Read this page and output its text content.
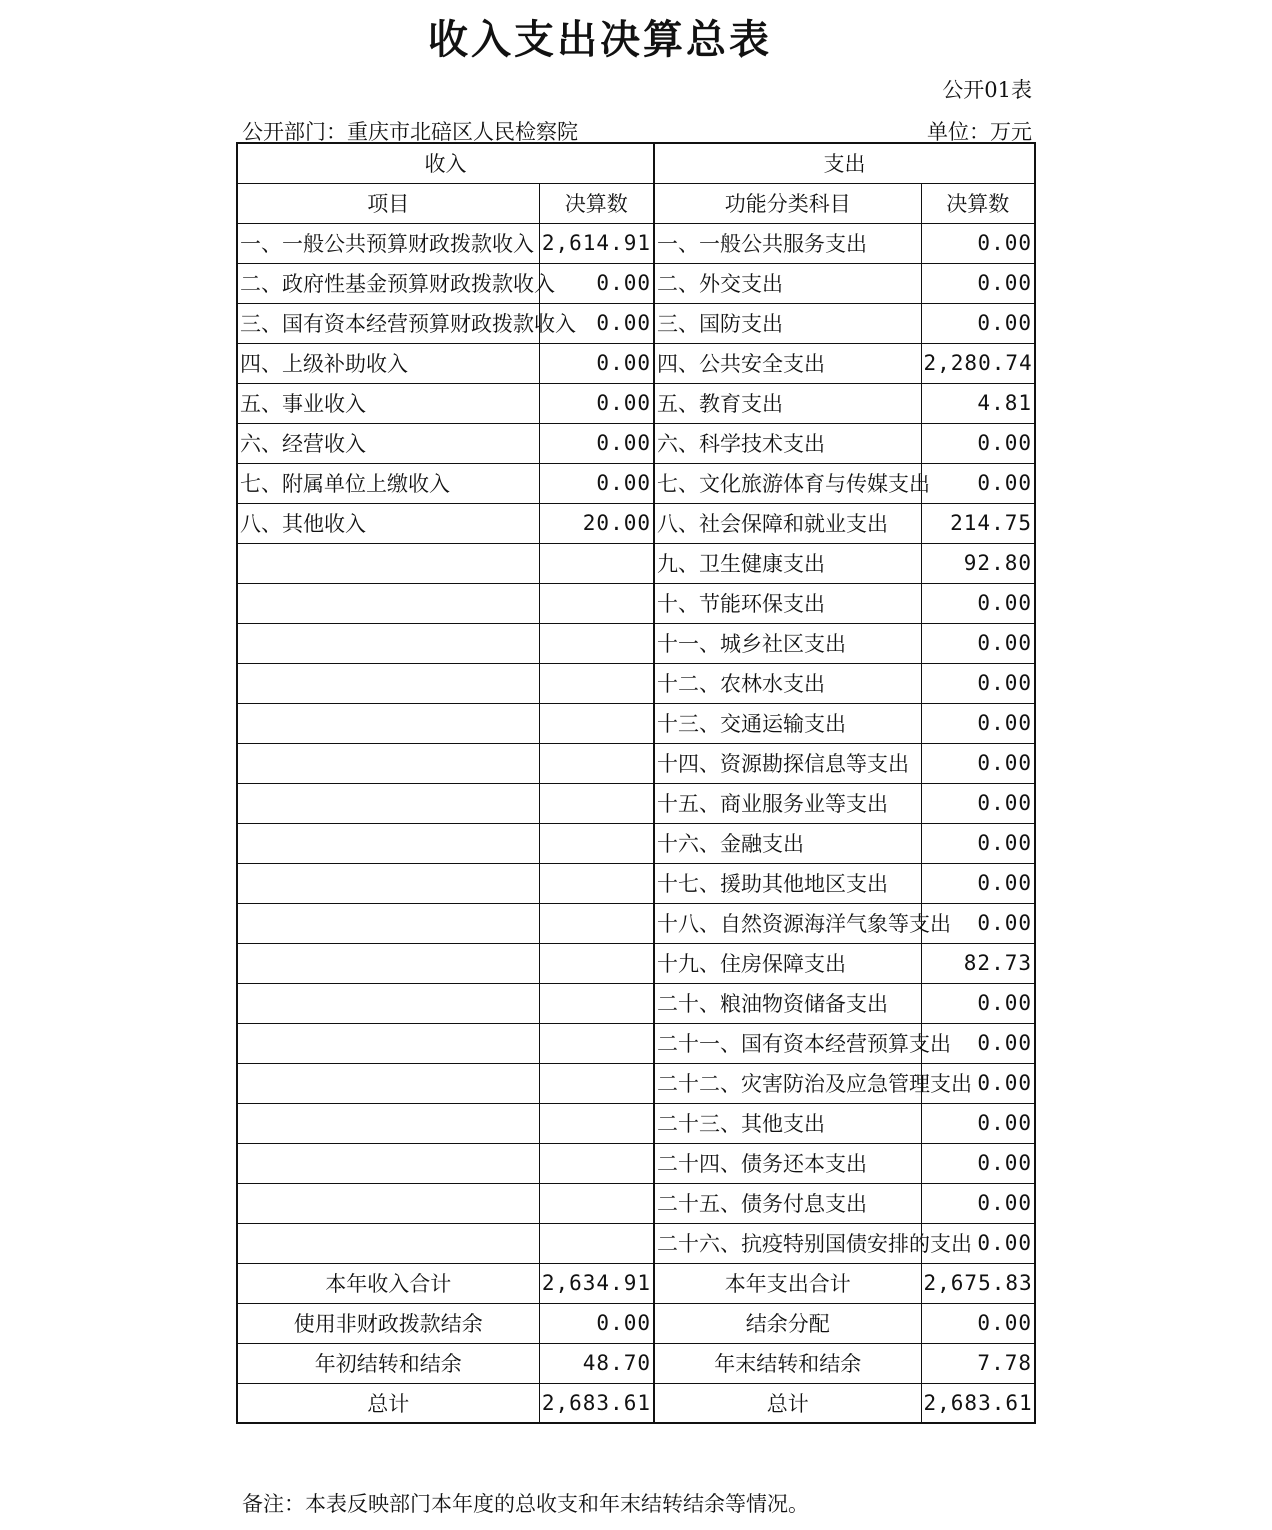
收入支出决算总表
公开01表
公开部门：重庆市北碚区人民检察院	单位：万元
收入		支出	
项目	决算数	功能分类科目	决算数
一、一般公共预算财政拨款收入	2,614.91	一、一般公共服务支出	0.00
二、政府性基金预算财政拨款收入	0.00	二、外交支出	0.00
三、国有资本经营预算财政拨款收入	0.00	三、国防支出	0.00
四、上级补助收入	0.00	四、公共安全支出	2,280.74
五、事业收入	0.00	五、教育支出	4.81
六、经营收入	0.00	六、科学技术支出	0.00
七、附属单位上缴收入	0.00	七、文化旅游体育与传媒支出	0.00
八、其他收入	20.00	八、社会保障和就业支出	214.75
		九、卫生健康支出	92.80
		十、节能环保支出	0.00
		十一、城乡社区支出	0.00
		十二、农林水支出	0.00
		十三、交通运输支出	0.00
		十四、资源勘探信息等支出	0.00
		十五、商业服务业等支出	0.00
		十六、金融支出	0.00
		十七、援助其他地区支出	0.00
		十八、自然资源海洋气象等支出	0.00
		十九、住房保障支出	82.73
		二十、粮油物资储备支出	0.00
		二十一、国有资本经营预算支出	0.00
		二十二、灾害防治及应急管理支出	0.00
		二十三、其他支出	0.00
		二十四、债务还本支出	0.00
		二十五、债务付息支出	0.00
		二十六、抗疫特别国债安排的支出	0.00
本年收入合计	2,634.91	本年支出合计	2,675.83
使用非财政拨款结余	0.00	结余分配	0.00
年初结转和结余	48.70	年末结转和结余	7.78
总计	2,683.61	总计	2,683.61
备注：本表反映部门本年度的总收支和年末结转结余等情况。
